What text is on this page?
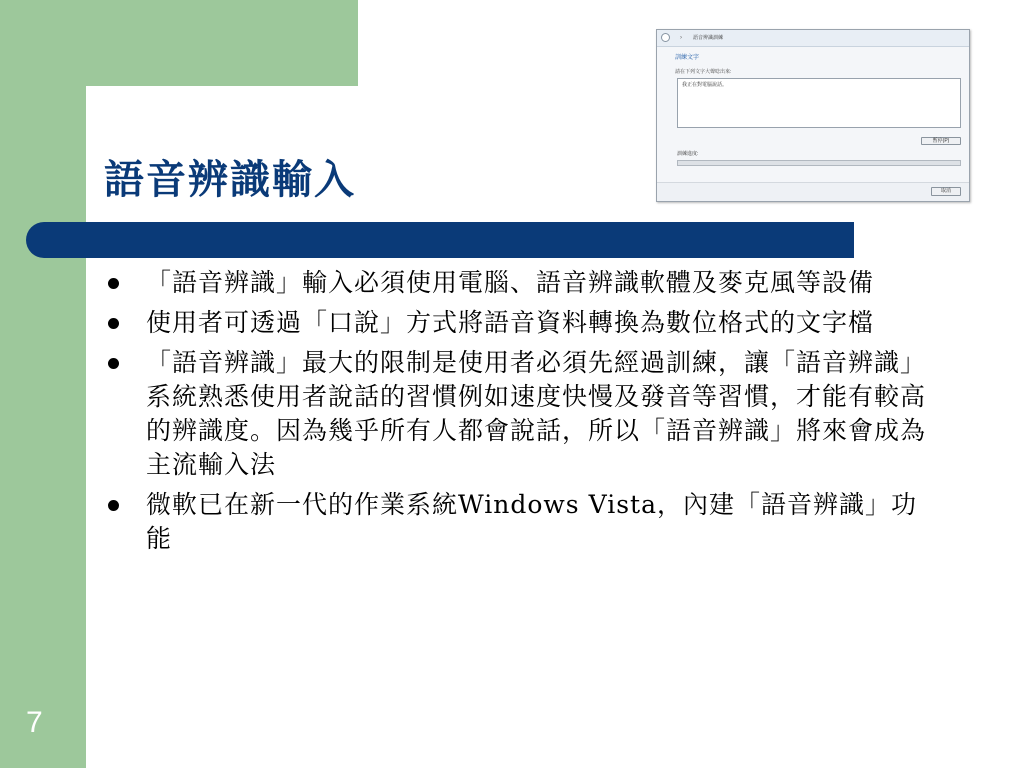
語音辨識輸入
› 語音辨識訓練
訓練文字
請在下列文字大聲唸出來:
我正在對電腦說話。
暫停(P)
訓練進度:
取消
「語音辨識」輸入必須使用電腦、語音辨識軟體及麥克風等設備
使用者可透過「口說」方式將語音資料轉換為數位格式的文字檔
「語音辨識」最大的限制是使用者必須先經過訓練，讓「語音辨識」系統熟悉使用者說話的習慣例如速度快慢及發音等習慣，才能有較高的辨識度。因為幾乎所有人都會說話，所以「語音辨識」將來會成為主流輸入法
微軟已在新一代的作業系統Windows Vista，內建「語音辨識」功能
7
